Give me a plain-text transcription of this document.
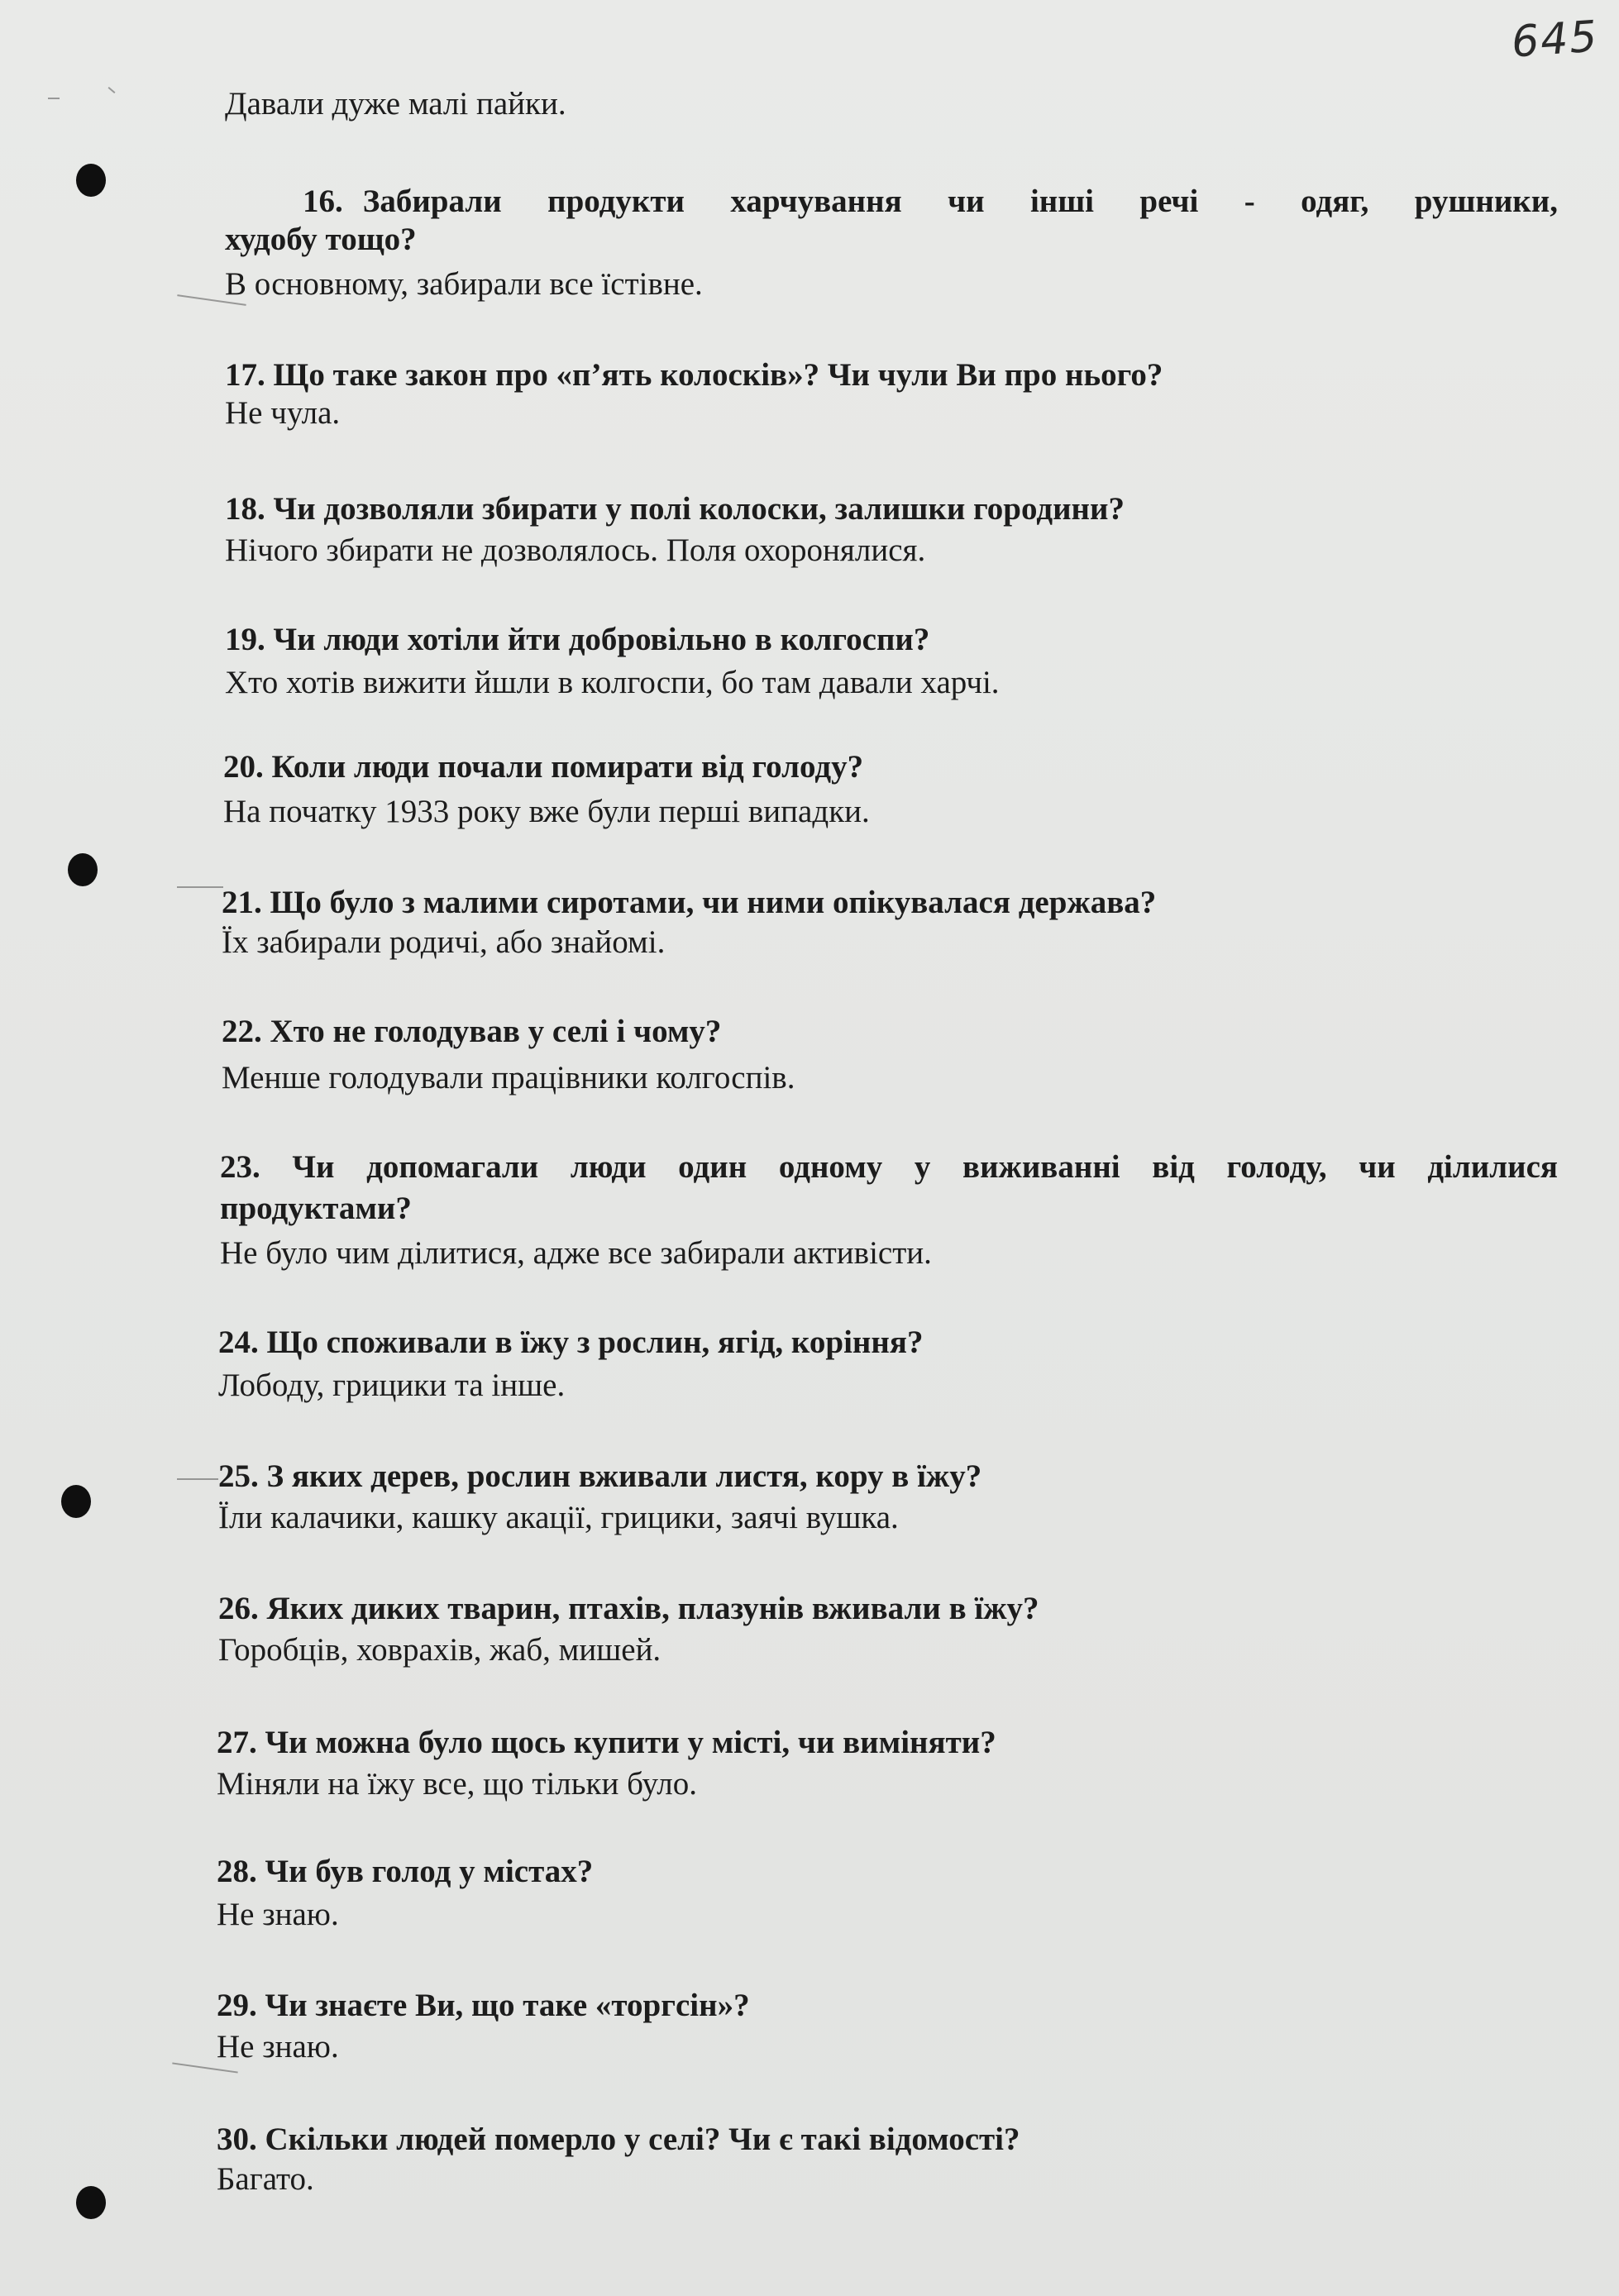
645
Давали дуже малі пайки.
16. Забирали продукти харчування чи інші речі - одяг, рушники,
худобу тощо?
В основному, забирали все їстівне.
17. Що таке закон про «п’ять колосків»? Чи чули Ви про нього?
Не чула.
18. Чи дозволяли збирати у полі колоски, залишки городини?
Нічого збирати не дозволялось. Поля охоронялися.
19. Чи люди хотіли йти добровільно в колгоспи?
Хто хотів вижити йшли в колгоспи, бо там давали харчі.
20. Коли люди почали помирати від голоду?
На початку 1933 року вже були перші випадки.
21. Що було з малими сиротами, чи ними опікувалася держава?
Їх забирали родичі, або знайомі.
22. Хто не голодував у селі і чому?
Менше голодували працівники колгоспів.
23. Чи допомагали люди один одному у виживанні від голоду, чи ділилися
продуктами?
Не було чим ділитися, адже все забирали активісти.
24. Що споживали в їжу з рослин, ягід, коріння?
Лободу, грицики та інше.
25. З яких дерев, рослин вживали листя, кору в їжу?
Їли калачики, кашку акації, грицики, заячі вушка.
26. Яких диких тварин, птахів, плазунів вживали в їжу?
Горобців, ховрахів, жаб, мишей.
27. Чи можна було щось купити у місті, чи виміняти?
Міняли на їжу все, що тільки було.
28. Чи був голод у містах?
Не знаю.
29. Чи знаєте Ви, що таке «торгсін»?
Не знаю.
30. Скільки людей померло у селі? Чи є такі відомості?
Багато.
